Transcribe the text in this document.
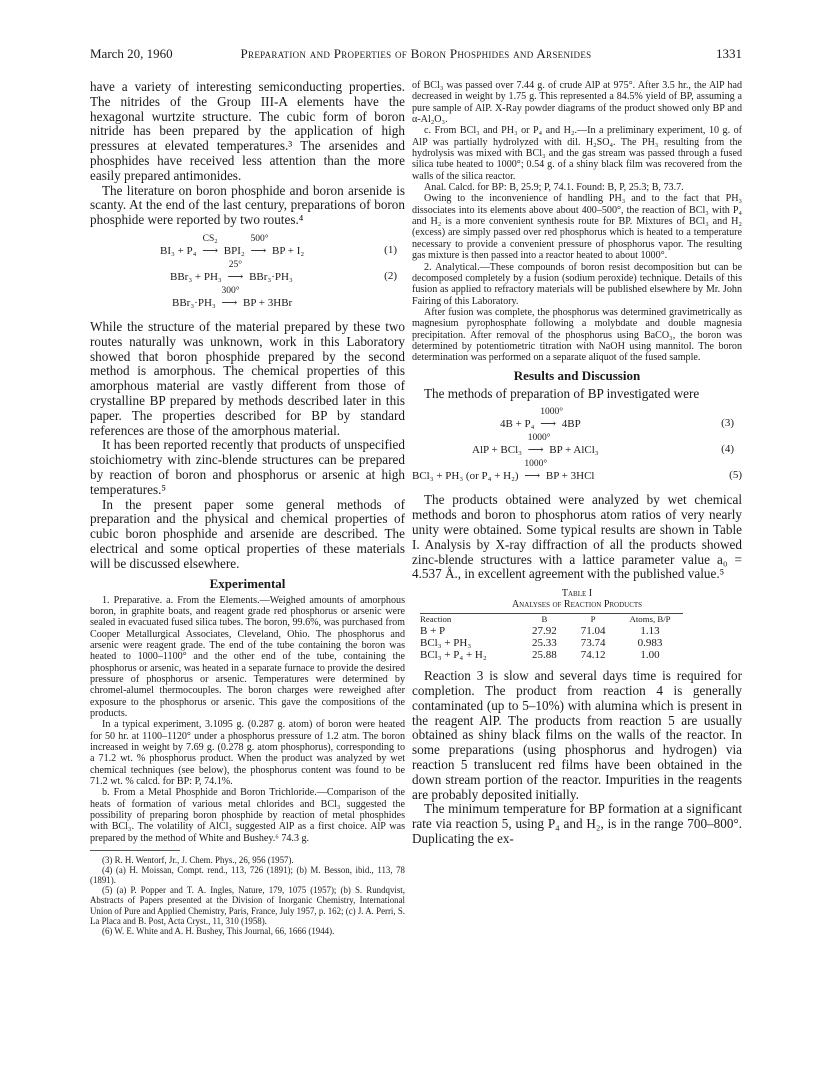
March 20, 1960	Preparation and Properties of Boron Phosphides and Arsenides	1331

have a variety of interesting semiconducting properties. The nitrides of the Group III-A elements have the hexagonal wurtzite structure. The cubic form of boron nitride has been prepared by the application of high pressures at elevated temperatures.³ The arsenides and phosphides have received less attention than the more easily prepared antimonides.

The literature on boron phosphide and boron arsenide is scanty. At the end of the last century, preparations of boron phosphide were reported by two routes.⁴

BI₃ + P₄
CS₂
⟶ BPI₂
500°
⟶ BP + I₂	(1)
BBr₃ + PH₃
25°
⟶ BBr₃·PH₃	(2)
BBr₃·PH₃
300°
⟶ BP + 3HBr

While the structure of the material prepared by these two routes naturally was unknown, work in this Laboratory showed that boron phosphide prepared by the second method is amorphous. The chemical properties of this amorphous material are vastly different from those of crystalline BP prepared by methods described later in this paper. The properties described for BP by standard references are those of the amorphous material.

It has been reported recently that products of unspecified stoichiometry with zinc-blende structures can be prepared by reaction of boron and phosphorus or arsenic at high temperatures.⁵

In the present paper some general methods of preparation and the physical and chemical properties of cubic boron phosphide and arsenide are described. The electrical and some optical properties of these materials will be discussed elsewhere.

Experimental

1. Preparative. a. From the Elements.—Weighed amounts of amorphous boron, in graphite boats, and reagent grade red phosphorus or arsenic were sealed in evacuated fused silica tubes. The boron, 99.6%, was purchased from Cooper Metallurgical Associates, Cleveland, Ohio. The phosphorus and arsenic were reagent grade. The end of the tube containing the boron was heated to 1000–1100° and the other end of the tube, containing the phosphorus or arsenic, was heated in a separate furnace to provide the desired pressure of phosphorus or arsenic. Temperatures were determined by chromel-alumel thermocouples. The boron charges were reweighed after exposure to the phosphorus or arsenic. This gave the compositions of the products.

In a typical experiment, 3.1095 g. (0.287 g. atom) of boron were heated for 50 hr. at 1100–1120° under a phosphorus pressure of 1.2 atm. The boron increased in weight by 7.69 g. (0.278 g. atom phosphorus), corresponding to a 71.2 wt. % phosphorus product. When the product was analyzed by wet chemical techniques (see below), the phosphorus content was found to be 71.2 wt. % calcd. for BP: P, 74.1%.

b. From a Metal Phosphide and Boron Trichloride.—Comparison of the heats of formation of various metal chlorides and BCl₃ suggested the possibility of preparing boron phosphide by reaction of metal phosphides with BCl₃. The volatility of AlCl₃ suggested AlP as a first choice. AlP was prepared by the method of White and Bushey.⁶ 74.3 g.

(3) R. H. Wentorf, Jr., J. Chem. Phys., 26, 956 (1957).
(4) (a) H. Moissan, Compt. rend., 113, 726 (1891); (b) M. Besson, ibid., 113, 78 (1891).
(5) (a) P. Popper and T. A. Ingles, Nature, 179, 1075 (1957); (b) S. Rundqvist, Abstracts of Papers presented at the Division of Inorganic Chemistry, International Union of Pure and Applied Chemistry, Paris, France, July 1957, p. 162; (c) J. A. Perri, S. La Placa and B. Post, Acta Cryst., 11, 310 (1958).
(6) W. E. White and A. H. Bushey, This Journal, 66, 1666 (1944).

of BCl₃ was passed over 7.44 g. of crude AlP at 975°. After 3.5 hr., the AlP had decreased in weight by 1.75 g. This represented a 84.5% yield of BP, assuming a pure sample of AlP. X-Ray powder diagrams of the product showed only BP and α-Al₂O₃.

c. From BCl₃ and PH₃ or P₄ and H₂.—In a preliminary experiment, 10 g. of AlP was partially hydrolyzed with dil. H₂SO₄. The PH₃ resulting from the hydrolysis was mixed with BCl₃ and the gas stream was passed through a fused silica tube heated to 1000°; 0.54 g. of a shiny black film was recovered from the walls of the silica reactor.

Anal. Calcd. for BP: B, 25.9; P, 74.1. Found: B, P, 25.3; B, 73.7.

Owing to the inconvenience of handling PH₃ and to the fact that PH₃ dissociates into its elements above about 400–500°, the reaction of BCl₃ with P₄ and H₂ is a more convenient synthesis route for BP. Mixtures of BCl₃ and H₂ (excess) are simply passed over red phosphorus which is heated to a temperature necessary to provide a convenient pressure of phosphorus vapor. The resulting gas mixture is then passed into a reactor heated to about 1000°.

2. Analytical.—These compounds of boron resist decomposition but can be decomposed completely by a fusion (sodium peroxide) technique. Details of this fusion as applied to refractory materials will be published elsewhere by Mr. John Fairing of this Laboratory.

After fusion was complete, the phosphorus was determined gravimetrically as magnesium pyrophosphate following a molybdate and double magnesia precipitation. After removal of the phosphorus using BaCO₃, the boron was determined by potentiometric titration with NaOH using mannitol. The boron determination was performed on a separate aliquot of the fused sample.

Results and Discussion

The methods of preparation of BP investigated were

4B + P₄
1000°
⟶ 4BP	(3)
AlP + BCl₃
1000°
⟶ BP + AlCl₃	(4)
BCl₃ + PH₃ (or P₄ + H₂)
1000°
⟶ BP + 3HCl	(5)

The products obtained were analyzed by wet chemical methods and boron to phosphorus atom ratios of very nearly unity were obtained. Some typical results are shown in Table I. Analysis by X-ray diffraction of all the products showed zinc-blende structures with a lattice parameter value a₀ = 4.537 Å., in excellent agreement with the published value.⁵

Table I
Analyses of Reaction Products
Reaction	B	P	Atoms, B/P
B + P	27.92	71.04	1.13
BCl₃ + PH₃	25.33	73.74	0.983
BCl₃ + P₄ + H₂	25.88	74.12	1.00

Reaction 3 is slow and several days time is required for completion. The product from reaction 4 is generally contaminated (up to 5–10%) with alumina which is present in the reagent AlP. The products from reaction 5 are usually obtained as shiny black films on the walls of the reactor. In some preparations (using phosphorus and hydrogen) via reaction 5 translucent red films have been obtained in the down stream portion of the reactor. Impurities in the reagents are probably deposited initially.

The minimum temperature for BP formation at a significant rate via reaction 5, using P₄ and H₂, is in the range 700–800°. Duplicating the ex-
